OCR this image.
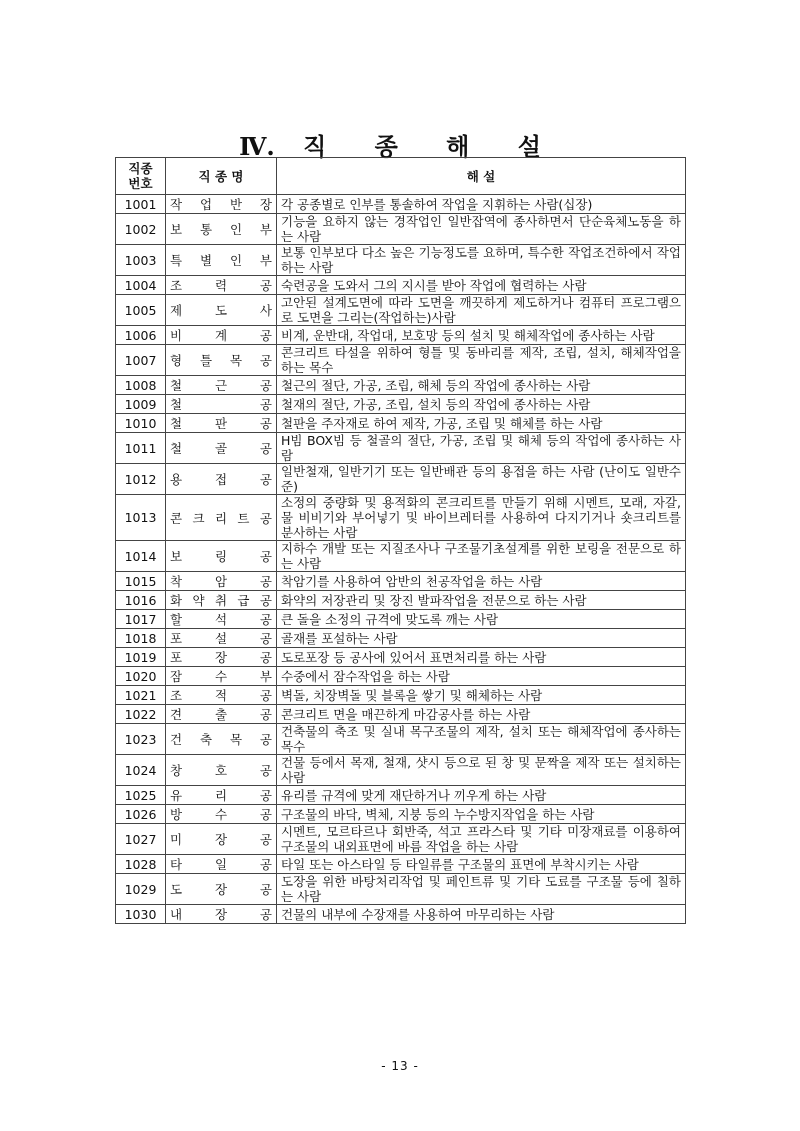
Ⅳ. 직 종 해 설
직종
번호	직 종 명	해 설
1001	작 업 반 장	각 공종별로 인부를 통솔하여 작업을 지휘하는 사람(십장)
1002	보 통 인 부	기능을 요하지 않는 경작업인 일반잡역에 종사하면서 단순육체노동을 하는 사람
1003	특 별 인 부	보통 인부보다 다소 높은 기능정도를 요하며, 특수한 작업조건하에서 작업하는 사람
1004	조 력 공	숙련공을 도와서 그의 지시를 받아 작업에 협력하는 사람
1005	제 도 사	고안된 설계도면에 따라 도면을 깨끗하게 제도하거나 컴퓨터 프로그램으로 도면을 그리는(작업하는)사람
1006	비 계 공	비계, 운반대, 작업대, 보호망 등의 설치 및 해체작업에 종사하는 사람
1007	형 틀 목 공	콘크리트 타설을 위하여 형틀 및 동바리를 제작, 조립, 설치, 해체작업을 하는 목수
1008	철 근 공	철근의 절단, 가공, 조립, 해체 등의 작업에 종사하는 사람
1009	철 공	철재의 절단, 가공, 조립, 설치 등의 작업에 종사하는 사람
1010	철 판 공	철판을 주자재로 하여 제작, 가공, 조립 및 해체를 하는 사람
1011	철 골 공	H빔 BOX빔 등 철골의 절단, 가공, 조립 및 해체 등의 작업에 종사하는 사람
1012	용 접 공	일반철재, 일반기기 또는 일반배관 등의 용접을 하는 사람 (난이도 일반수준)
1013	콘 크 리 트 공	소정의 중량화 및 용적화의 콘크리트를 만들기 위해 시멘트, 모래, 자갈, 물 비비기와 부어넣기 및 바이브레터를 사용하여 다지기거나 숏크리트를 분사하는 사람
1014	보 링 공	지하수 개발 또는 지질조사나 구조물기초설계를 위한 보링을 전문으로 하는 사람
1015	착 암 공	착암기를 사용하여 암반의 천공작업을 하는 사람
1016	화 약 취 급 공	화약의 저장관리 및 장진 발파작업을 전문으로 하는 사람
1017	할 석 공	큰 돌을 소정의 규격에 맞도록 깨는 사람
1018	포 설 공	골재를 포설하는 사람
1019	포 장 공	도로포장 등 공사에 있어서 표면처리를 하는 사람
1020	잠 수 부	수중에서 잠수작업을 하는 사람
1021	조 적 공	벽돌, 치장벽돌 및 블록을 쌓기 및 해체하는 사람
1022	견 출 공	콘크리트 면을 매끈하게 마감공사를 하는 사람
1023	건 축 목 공	건축물의 축조 및 실내 목구조물의 제작, 설치 또는 해체작업에 종사하는 목수
1024	창 호 공	건물 등에서 목재, 철재, 샷시 등으로 된 창 및 문짝을 제작 또는 설치하는 사람
1025	유 리 공	유리를 규격에 맞게 재단하거나 끼우게 하는 사람
1026	방 수 공	구조물의 바닥, 벽체, 지붕 등의 누수방지작업을 하는 사람
1027	미 장 공	시멘트, 모르타르나 회반죽, 석고 프라스타 및 기타 미장재료를 이용하여 구조물의 내외표면에 바름 작업을 하는 사람
1028	타 일 공	타일 또는 아스타일 등 타일류를 구조물의 표면에 부착시키는 사람
1029	도 장 공	도장을 위한 바탕처리작업 및 페인트류 및 기타 도료를 구조물 등에 칠하는 사람
1030	내 장 공	건물의 내부에 수장재를 사용하여 마무리하는 사람
- 13 -
